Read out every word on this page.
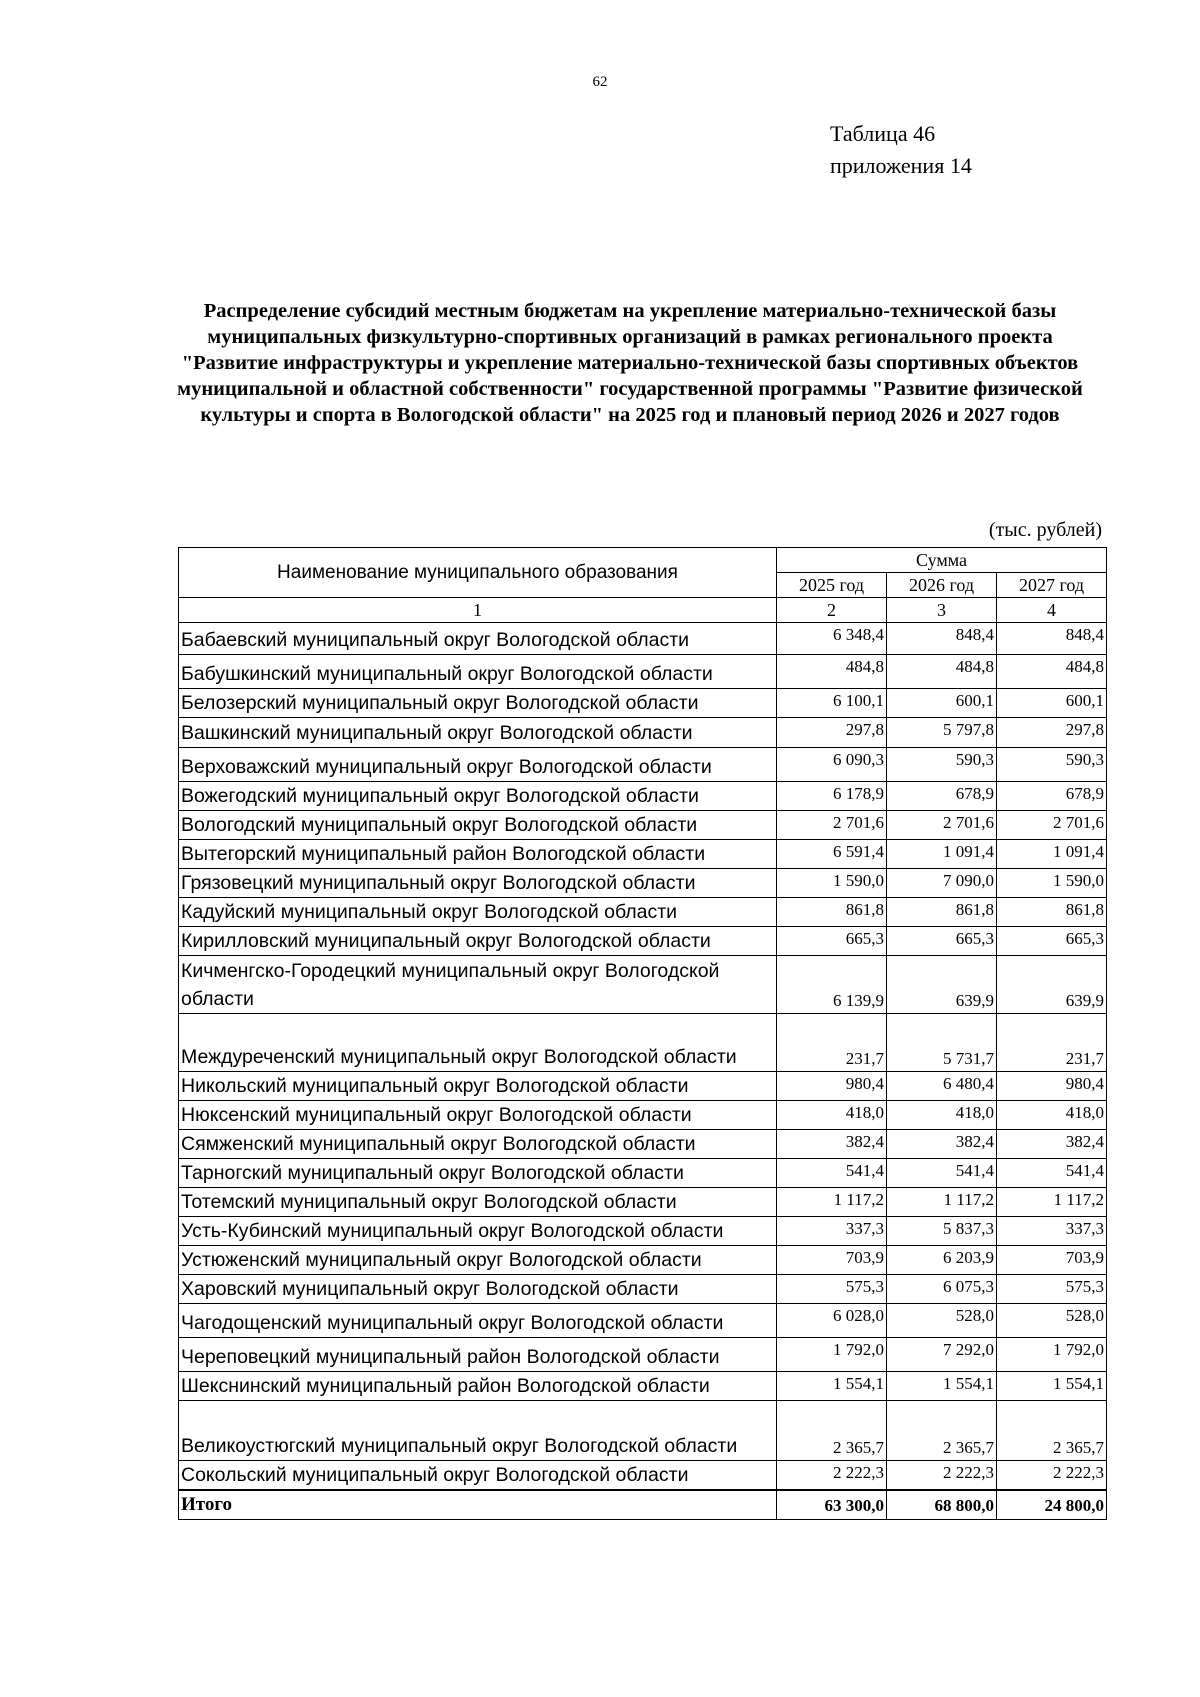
62
Таблица 46
приложения 14
Распределение субсидий местным бюджетам на укрепление материально-технической базы муниципальных физкультурно-спортивных организаций в рамках регионального проекта "Развитие инфраструктуры и укрепление материально-технической базы спортивных объектов муниципальной и областной собственности" государственной программы "Развитие физической культуры и спорта в Вологодской области" на 2025 год и плановый период 2026 и 2027 годов
(тыс. рублей)
Наименование муниципального образования	Сумма		
	2025 год	2026 год	2027 год
1	2	3	4
Бабаевский муниципальный округ Вологодской области	6 348,4	848,4	848,4
Бабушкинский муниципальный округ Вологодской области	484,8	484,8	484,8
Белозерский муниципальный округ Вологодской области	6 100,1	600,1	600,1
Вашкинский муниципальный округ Вологодской области	297,8	5 797,8	297,8
Верховажский муниципальный округ Вологодской области	6 090,3	590,3	590,3
Вожегодский муниципальный округ Вологодской области	6 178,9	678,9	678,9
Вологодский муниципальный округ Вологодской области	2 701,6	2 701,6	2 701,6
Вытегорский муниципальный район Вологодской области	6 591,4	1 091,4	1 091,4
Грязовецкий муниципальный округ Вологодской области	1 590,0	7 090,0	1 590,0
Кадуйский муниципальный округ Вологодской области	861,8	861,8	861,8
Кирилловский муниципальный округ Вологодской области	665,3	665,3	665,3
Кичменгско-Городецкий муниципальный округ Вологодской области	6 139,9	639,9	639,9
Междуреченский муниципальный округ Вологодской области	231,7	5 731,7	231,7
Никольский муниципальный округ Вологодской области	980,4	6 480,4	980,4
Нюксенский муниципальный округ Вологодской области	418,0	418,0	418,0
Сямженский муниципальный округ Вологодской области	382,4	382,4	382,4
Тарногский муниципальный округ Вологодской области	541,4	541,4	541,4
Тотемский муниципальный округ Вологодской области	1 117,2	1 117,2	1 117,2
Усть-Кубинский муниципальный округ Вологодской области	337,3	5 837,3	337,3
Устюженский муниципальный округ Вологодской области	703,9	6 203,9	703,9
Харовский муниципальный округ Вологодской области	575,3	6 075,3	575,3
Чагодощенский муниципальный округ Вологодской области	6 028,0	528,0	528,0
Череповецкий муниципальный район Вологодской области	1 792,0	7 292,0	1 792,0
Шекснинский муниципальный район Вологодской области	1 554,1	1 554,1	1 554,1
Великоустюгский муниципальный округ Вологодской области	2 365,7	2 365,7	2 365,7
Сокольский муниципальный округ Вологодской области	2 222,3	2 222,3	2 222,3
Итого	63 300,0	68 800,0	24 800,0
